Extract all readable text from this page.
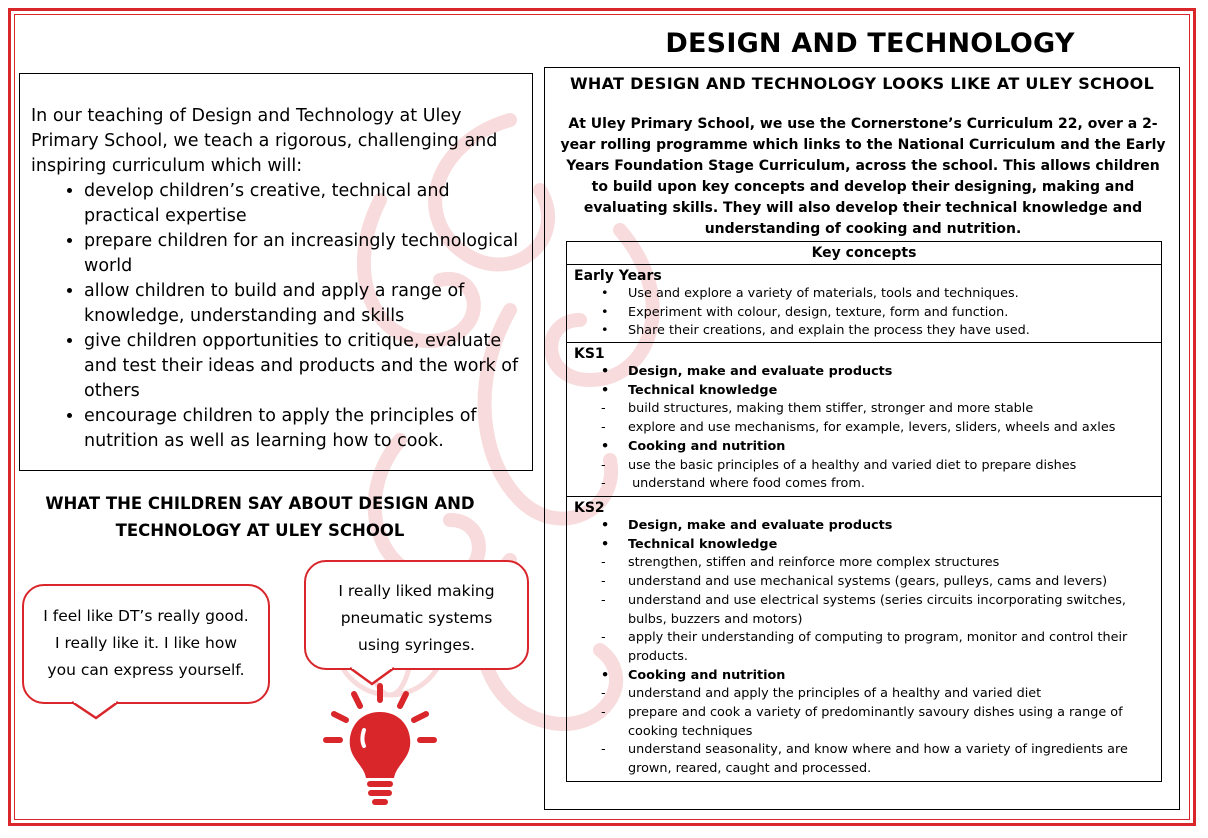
DESIGN AND TECHNOLOGY
In our teaching of Design and Technology at Uley Primary School, we teach a rigorous, challenging and inspiring curriculum which will:
• develop children’s creative, technical and practical expertise
• prepare children for an increasingly technological world
• allow children to build and apply a range of knowledge, understanding and skills
• give children opportunities to critique, evaluate and test their ideas and products and the work of others
• encourage children to apply the principles of nutrition as well as learning how to cook.
WHAT THE CHILDREN SAY ABOUT DESIGN AND
TECHNOLOGY AT ULEY SCHOOL
I feel like DT’s really good.
I really like it. I like how
you can express yourself.
I really liked making
pneumatic systems
using syringes.
WHAT DESIGN AND TECHNOLOGY LOOKS LIKE AT ULEY SCHOOL
At Uley Primary School, we use the Cornerstone’s Curriculum 22, over a 2-year rolling programme which links to the National Curriculum and the Early Years Foundation Stage Curriculum, across the school. This allows children to build upon key concepts and develop their designing, making and evaluating skills. They will also develop their technical knowledge and understanding of cooking and nutrition.
Key concepts
Early Years
• Use and explore a variety of materials, tools and techniques.
• Experiment with colour, design, texture, form and function.
• Share their creations, and explain the process they have used.
KS1
• Design, make and evaluate products
• Technical knowledge
- build structures, making them stiffer, stronger and more stable
- explore and use mechanisms, for example, levers, sliders, wheels and axles
• Cooking and nutrition
- use the basic principles of a healthy and varied diet to prepare dishes
- understand where food comes from.
KS2
• Design, make and evaluate products
• Technical knowledge
- strengthen, stiffen and reinforce more complex structures
- understand and use mechanical systems (gears, pulleys, cams and levers)
- understand and use electrical systems (series circuits incorporating switches,
bulbs, buzzers and motors)
- apply their understanding of computing to program, monitor and control their
products.
• Cooking and nutrition
- understand and apply the principles of a healthy and varied diet
- prepare and cook a variety of predominantly savoury dishes using a range of
cooking techniques
- understand seasonality, and know where and how a variety of ingredients are
grown, reared, caught and processed.
